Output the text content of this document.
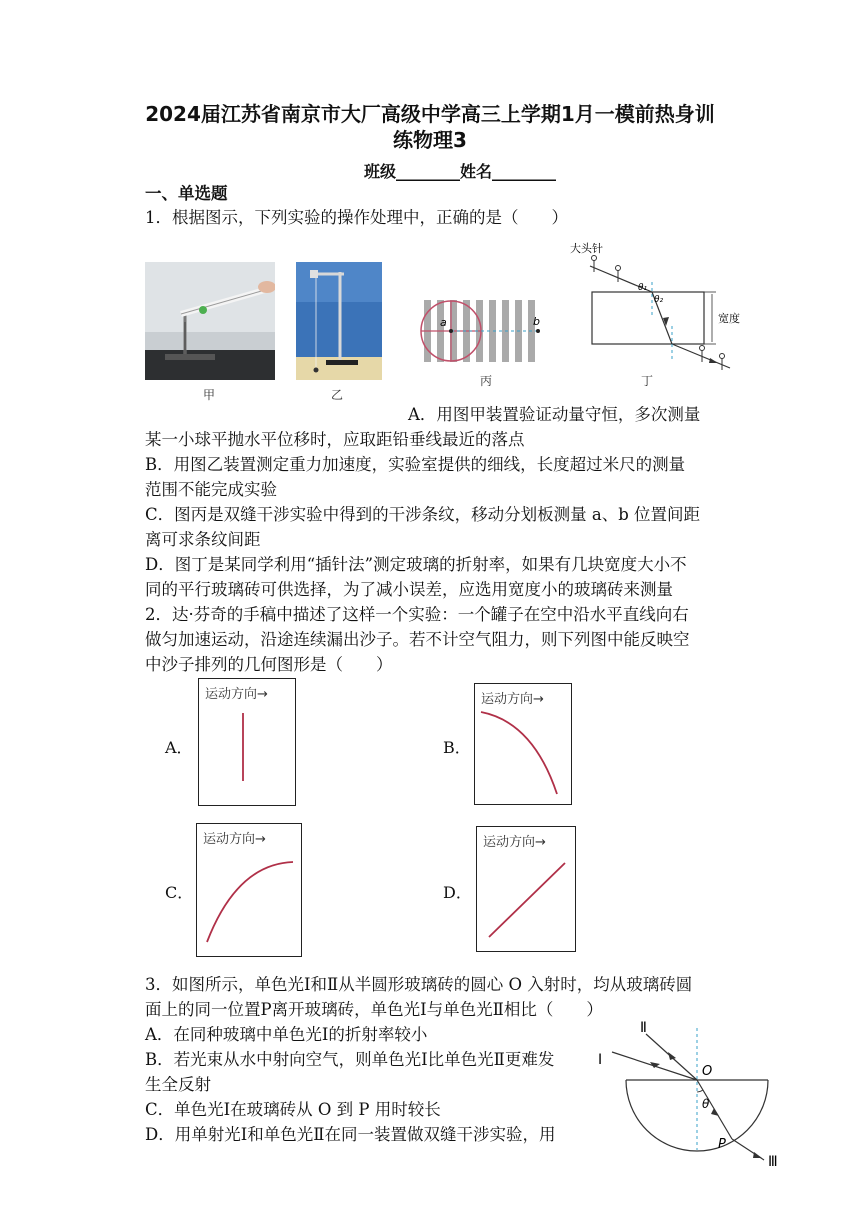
2024届江苏省南京市大厂高级中学高三上学期1月一模前热身训
练物理3
班级________姓名________
一、单选题
1．根据图示，下列实验的操作处理中，正确的是（　　）
甲	乙
a	b
丙
大头针
θ₁
θ₂
宽度
丁
A．用图甲装置验证动量守恒，多次测量
某一小球平抛水平位移时，应取距铅垂线最近的落点
B．用图乙装置测定重力加速度，实验室提供的细线，长度超过米尺的测量
范围不能完成实验
C．图丙是双缝干涉实验中得到的干涉条纹，移动分划板测量 a、b 位置间距
离可求条纹间距
D．图丁是某同学利用“插针法”测定玻璃的折射率，如果有几块宽度大小不
同的平行玻璃砖可供选择，为了减小误差，应选用宽度小的玻璃砖来测量
2．达·芬奇的手稿中描述了这样一个实验：一个罐子在空中沿水平直线向右
做匀加速运动，沿途连续漏出沙子。若不计空气阻力，则下列图中能反映空
中沙子排列的几何图形是（　　）
A．
运动方向→
B．
运动方向→
C．
运动方向→
D．
运动方向→
3．如图所示，单色光Ⅰ和Ⅱ从半圆形玻璃砖的圆心 O 入射时，均从玻璃砖圆
面上的同一位置P离开玻璃砖，单色光Ⅰ与单色光Ⅱ相比（　　）
A．在同种玻璃中单色光Ⅰ的折射率较小
B．若光束从水中射向空气，则单色光Ⅰ比单色光Ⅱ更难发
生全反射
C．单色光Ⅰ在玻璃砖从 O 到 P 用时较长
D．用单射光Ⅰ和单色光Ⅱ在同一装置做双缝干涉实验，用
θ
O
P
Ⅰ
Ⅱ
Ⅲ
